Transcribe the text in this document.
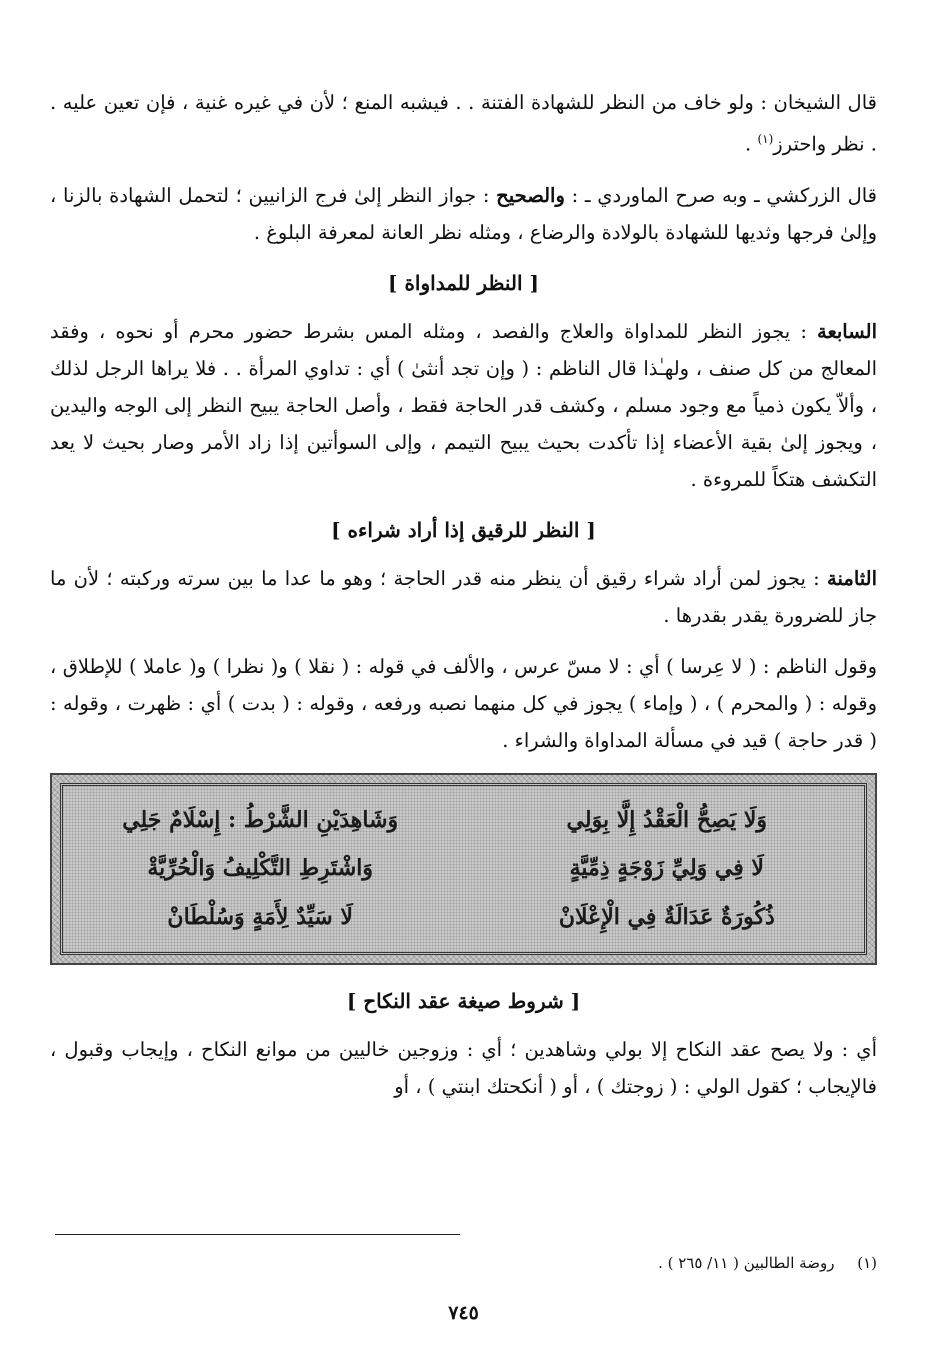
قال الشيخان : ولو خاف من النظر للشهادة الفتنة . . فيشبه المنع ؛ لأن في غيره غنية ، فإن تعين عليه . . نظر واحترز$^{(١)}$ .

قال الزركشي ـ وبه صرح الماوردي ـ : والصحيح : جواز النظر إلىٰ فرج الزانيين ؛ لتحمل الشهادة بالزنا ، وإلىٰ فرجها وثديها للشهادة بالولادة والرضاع ، ومثله نظر العانة لمعرفة البلوغ .

[ النظر للمداواة ]

السابعة : يجوز النظر للمداواة والعلاج والفصد ، ومثله المس بشرط حضور محرم أو نحوه ، وفقد المعالج من كل صنف ، ولهـٰذا قال الناظم : ( وإن تجد أنثىٰ ) أي : تداوي المرأة . . فلا يراها الرجل لذلك ، وألاّ يكون ذمياً مع وجود مسلم ، وكشف قدر الحاجة فقط ، وأصل الحاجة يبيح النظر إلى الوجه واليدين ، ويجوز إلىٰ بقية الأعضاء إذا تأكدت بحيث يبيح التيمم ، وإلى السوأتين إذا زاد الأمر وصار بحيث لا يعد التكشف هتكاً للمروءة .

[ النظر للرقيق إذا أراد شراءه ]

الثامنة : يجوز لمن أراد شراء رقيق أن ينظر منه قدر الحاجة ؛ وهو ما عدا ما بين سرته وركبته ؛ لأن ما جاز للضرورة يقدر بقدرها .

وقول الناظم : ( لا عِرسا ) أي : لا مسّ عرس ، والألف في قوله : ( نقلا ) و( نظرا ) و( عاملا ) للإطلاق ، وقوله : ( والمحرم ) ، ( وإماء ) يجوز في كل منهما نصبه ورفعه ، وقوله : ( بدت ) أي : ظهرت ، وقوله : ( قدر حاجة ) قيد في مسألة المداواة والشراء .

وَلَا يَصِحُّ الْعَقْدُ إِلَّا بِوَلِي
وَشَاهِدَيْنِ الشَّرْطُ : إِسْلَامٌ جَلِي
لَا فِي وَلِيِّ زَوْجَةٍ ذِمِّيَّةٍ
وَاشْتَرِطِ التَّكْلِيفُ وَالْحُرِّيَّةْ
ذُكُورَةٌ عَدَالَةٌ فِي الْإِعْلَانْ
لَا سَيِّدٌ لِأَمَةٍ وَسُلْطَانْ
[ شروط صيغة عقد النكاح ]

أي : ولا يصح عقد النكاح إلا بولي وشاهدين ؛ أي : وزوجين خاليين من موانع النكاح ، وإيجاب وقبول ، فالإيجاب ؛ كقول الولي : ( زوجتك ) ، أو ( أنكحتك ابنتي ) ، أو

(١) روضة الطالبين ( ١١/ ٢٦٥ ) .
٧٤٥
